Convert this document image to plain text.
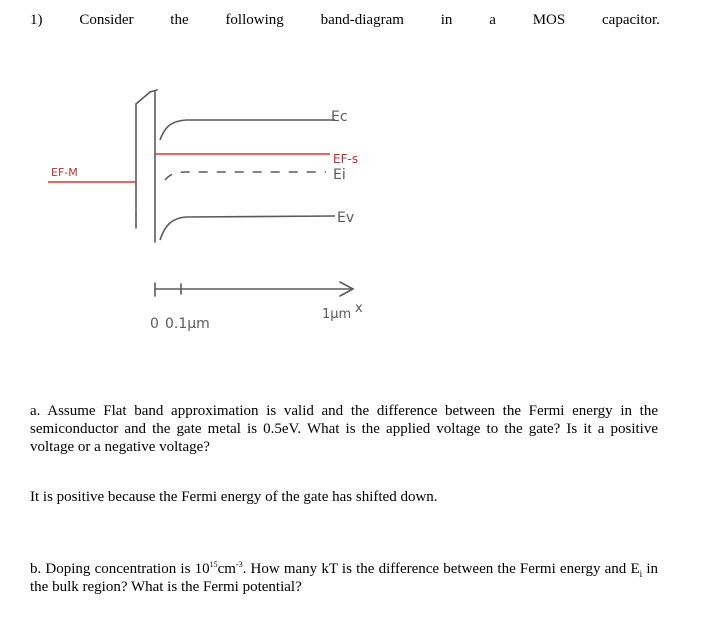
1) Consider the following band-diagram in a MOS capacitor.
Ec
EF-s
Ei
Ev
EF-M
0 0.1μm
1μm x
a. Assume Flat band approximation is valid and the difference between the Fermi energy in the semiconductor and the gate metal is 0.5eV. What is the applied voltage to the gate? Is it a positive voltage or a negative voltage?
It is positive because the Fermi energy of the gate has shifted down.
b. Doping concentration is $10^{15}cm^{-3}$. How many kT is the difference between the Fermi energy and $E_i$ in the bulk region? What is the Fermi potential?
